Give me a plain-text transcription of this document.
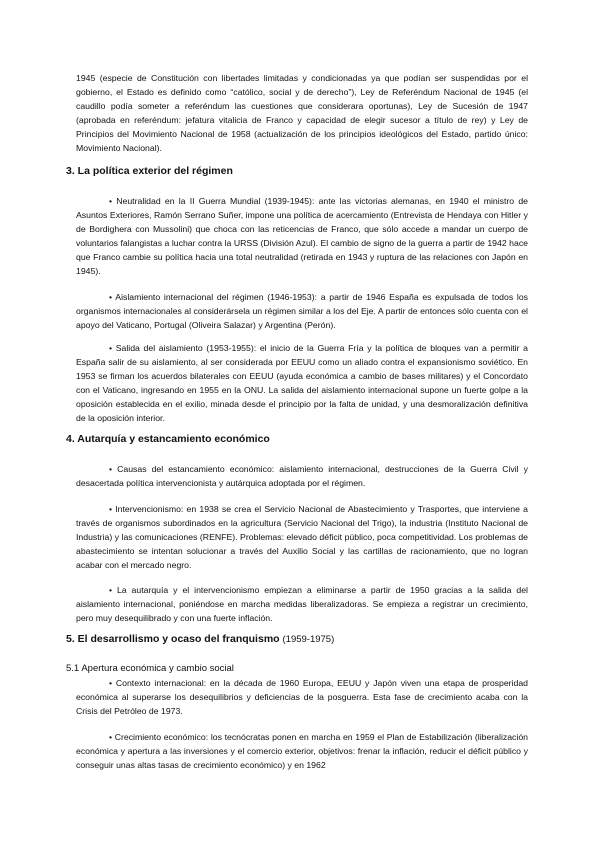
1945 (especie de Constitución con libertades limitadas y condicionadas ya que podían ser suspendidas por el gobierno, el Estado es definido como “católico, social y de derecho”), Ley de Referéndum Nacional de 1945 (el caudillo podía someter a referéndum las cuestiones que considerara oportunas), Ley de Sucesión de 1947 (aprobada en referéndum: jefatura vitalicia de Franco y capacidad de elegir sucesor a título de rey) y Ley de Principios del Movimiento Nacional de 1958 (actualización de los principios ideológicos del Estado, partido único: Movimiento Nacional).

3. La política exterior del régimen

• Neutralidad en la II Guerra Mundial (1939-1945): ante las victorias alemanas, en 1940 el ministro de Asuntos Exteriores, Ramón Serrano Suñer, impone una política de acercamiento (Entrevista de Hendaya con Hitler y de Bordighera con Mussolini) que choca con las reticencias de Franco, que sólo accede a mandar un cuerpo de voluntarios falangistas a luchar contra la URSS (División Azul). El cambio de signo de la guerra a partir de 1942 hace que Franco cambie su política hacia una total neutralidad (retirada en 1943 y ruptura de las relaciones con Japón en 1945).

• Aislamiento internacional del régimen (1946-1953): a partir de 1946 España es expulsada de todos los organismos internacionales al considerársela un régimen similar a los del Eje. A partir de entonces sólo cuenta con el apoyo del Vaticano, Portugal (Oliveira Salazar) y Argentina (Perón).

• Salida del aislamiento (1953-1955): el inicio de la Guerra Fría y la política de bloques van a permitir a España salir de su aislamiento, al ser considerada por EEUU como un aliado contra el expansionismo soviético. En 1953 se firman los acuerdos bilaterales con EEUU (ayuda económica a cambio de bases militares) y el Concordato con el Vaticano, ingresando en 1955 en la ONU. La salida del aislamiento internacional supone un fuerte golpe a la oposición establecida en el exilio, minada desde el principio por la falta de unidad, y una desmoralización definitiva de la oposición interior.

4. Autarquía y estancamiento económico

• Causas del estancamiento económico: aislamiento internacional, destrucciones de la Guerra Civil y desacertada política intervencionista y autárquica adoptada por el régimen.

• Intervencionismo: en 1938 se crea el Servicio Nacional de Abastecimiento y Trasportes, que interviene a través de organismos subordinados en la agricultura (Servicio Nacional del Trigo), la industria (Instituto Nacional de Industria) y las comunicaciones (RENFE). Problemas: elevado déficit público, poca competitividad. Los problemas de abastecimiento se intentan solucionar a través del Auxilio Social y las cartillas de racionamiento, que no logran acabar con el mercado negro.

• La autarquía y el intervencionismo empiezan a eliminarse a partir de 1950 gracias a la salida del aislamiento internacional, poniéndose en marcha medidas liberalizadoras. Se empieza a registrar un crecimiento, pero muy desequilibrado y con una fuerte inflación.

5. El desarrollismo y ocaso del franquismo (1959-1975)

5.1 Apertura económica y cambio social

• Contexto internacional: en la década de 1960 Europa, EEUU y Japón viven una etapa de prosperidad económica al superarse los desequilibrios y deficiencias de la posguerra. Esta fase de crecimiento acaba con la Crisis del Petróleo de 1973.

• Crecimiento económico: los tecnócratas ponen en marcha en 1959 el Plan de Estabilización (liberalización económica y apertura a las inversiones y el comercio exterior, objetivos: frenar la inflación, reducir el déficit público y conseguir unas altas tasas de crecimiento económico) y en 1962
